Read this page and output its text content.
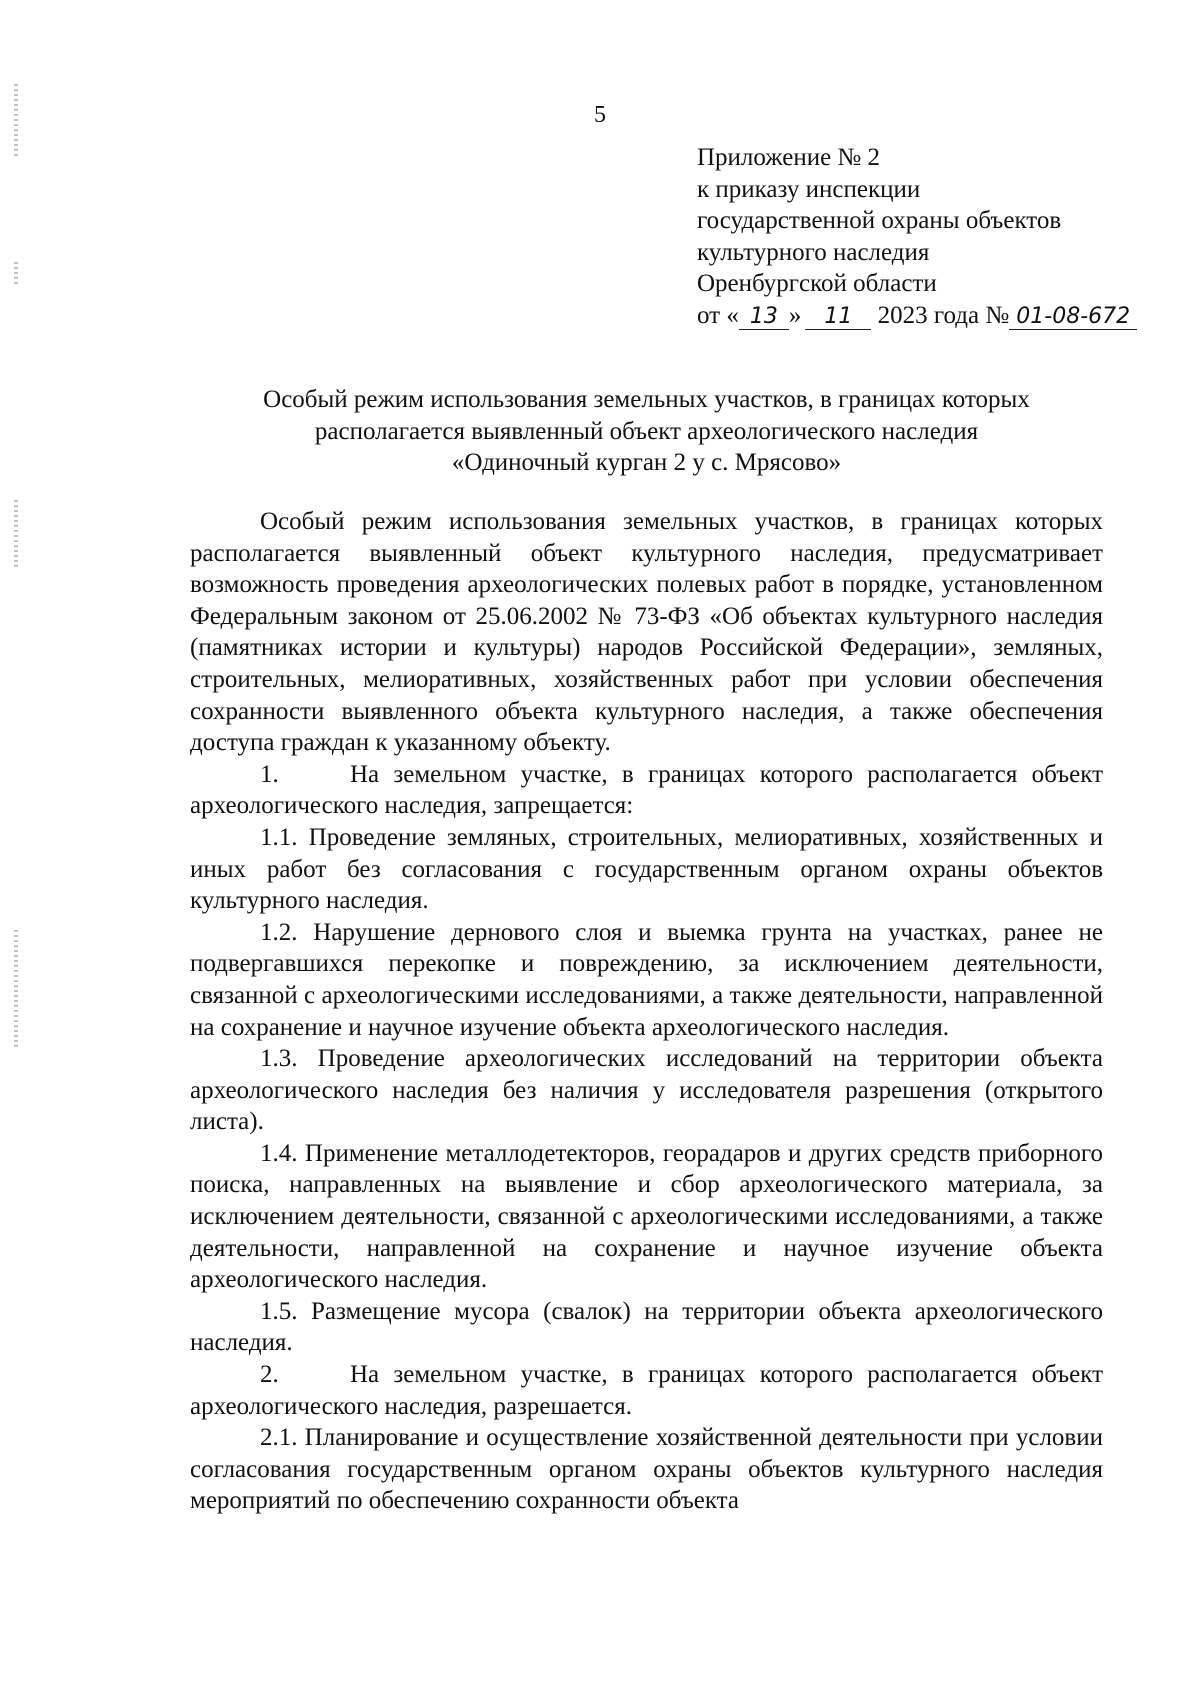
5
Приложение № 2
к приказу инспекции
государственной охраны объектов
культурного наследия
Оренбургской области
от « 13 » 11 2023 года № 01-08-672
Особый режим использования земельных участков, в границах которых
располагается выявленный объект археологического наследия
«Одиночный курган 2 у с. Мрясово»

Особый режим использования земельных участков, в границах которых располагается выявленный объект культурного наследия, предусматривает возможность проведения археологических полевых работ в порядке, установленном Федеральным законом от 25.06.2002 № 73-ФЗ «Об объектах культурного наследия (памятниках истории и культуры) народов Российской Федерации», земляных, строительных, мелиоративных, хозяйственных работ при условии обеспечения сохранности выявленного объекта культурного наследия, а также обеспечения доступа граждан к указанному объекту.

1.     На земельном участке, в границах которого располагается объект археологического наследия, запрещается:

1.1. Проведение земляных, строительных, мелиоративных, хозяйственных и иных работ без согласования с государственным органом охраны объектов культурного наследия.

1.2. Нарушение дернового слоя и выемка грунта на участках, ранее не подвергавшихся перекопке и повреждению, за исключением деятельности, связанной с археологическими исследованиями, а также деятельности, направленной на сохранение и научное изучение объекта археологического наследия.

1.3. Проведение археологических исследований на территории объекта археологического наследия без наличия у исследователя разрешения (открытого листа).

1.4. Применение металлодетекторов, георадаров и других средств приборного поиска, направленных на выявление и сбор археологического материала, за исключением деятельности, связанной с археологическими исследованиями, а также деятельности, направленной на сохранение и научное изучение объекта археологического наследия.

1.5. Размещение мусора (свалок) на территории объекта археологического наследия.

2.     На земельном участке, в границах которого располагается объект археологического наследия, разрешается.

2.1. Планирование и осуществление хозяйственной деятельности при условии согласования государственным органом охраны объектов культурного наследия мероприятий по обеспечению сохранности объекта
